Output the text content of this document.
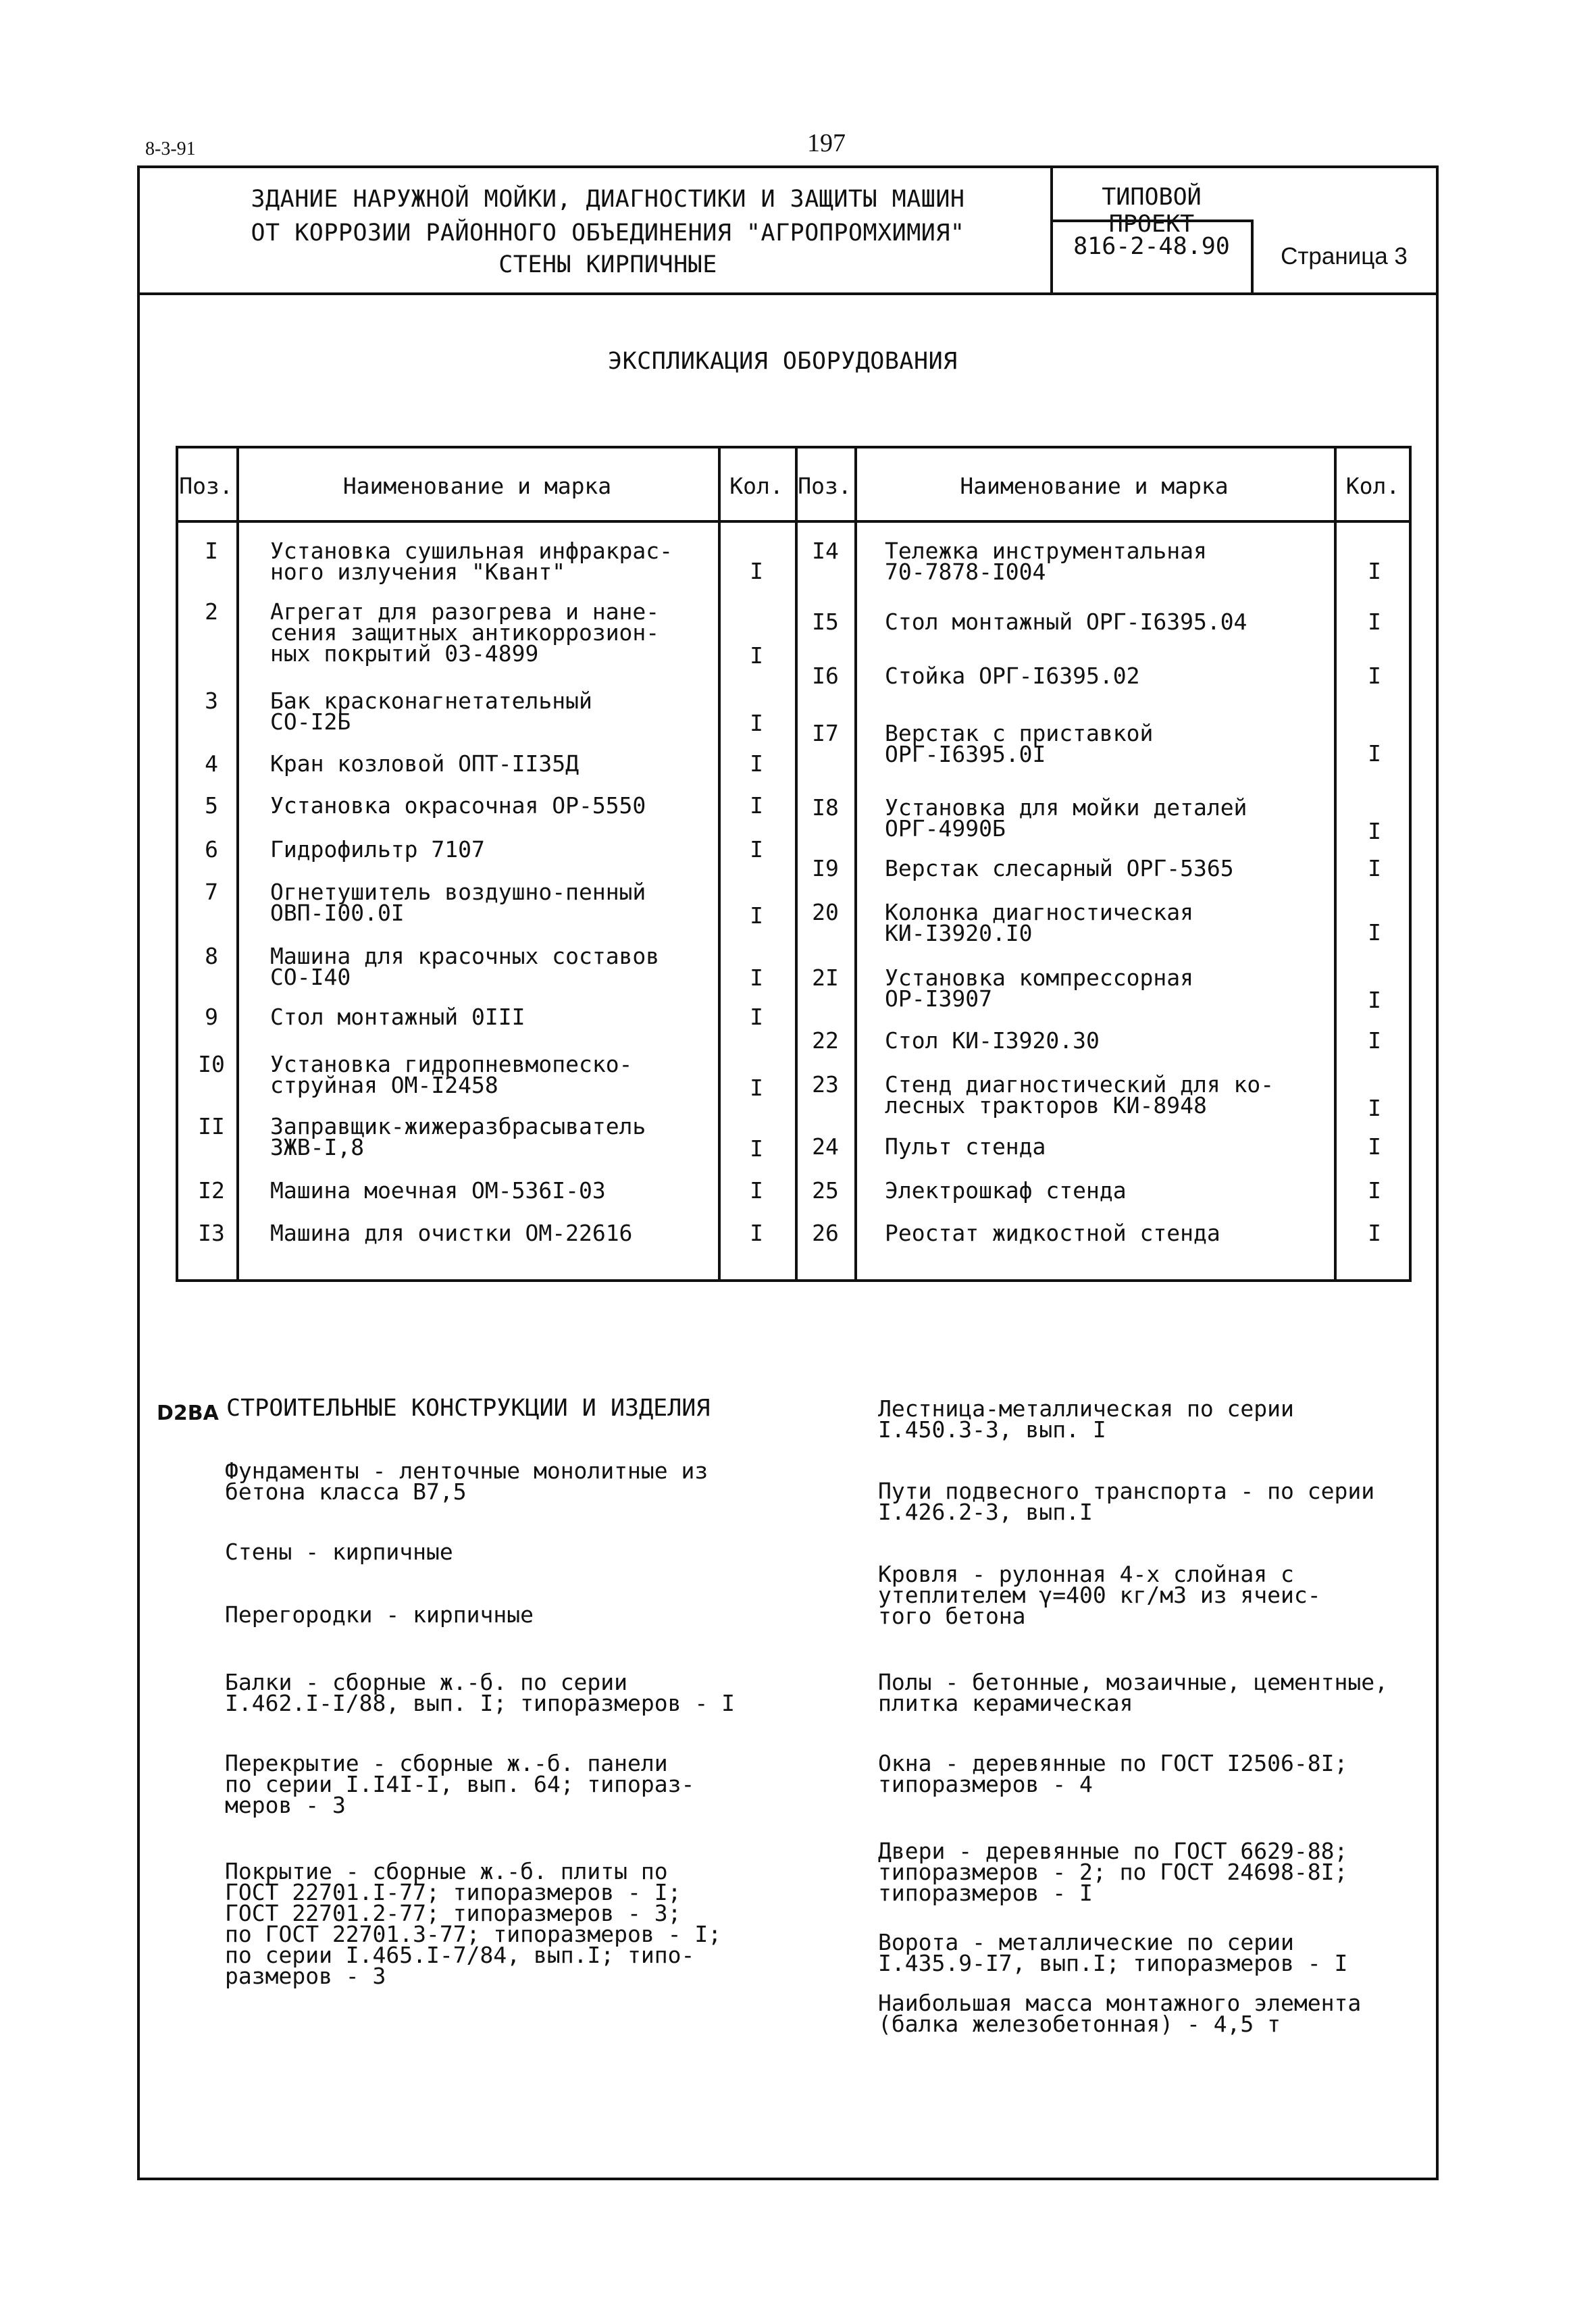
8-3-91	197
ЗДАНИЕ НАРУЖНОЙ МОЙКИ, ДИАГНОСТИКИ И ЗАЩИТЫ МАШИН
ОТ КОРРОЗИИ РАЙОННОГО ОБЪЕДИНЕНИЯ "АГРОПРОМХИМИЯ"
СТЕНЫ КИРПИЧНЫЕ
ТИПОВОЙ ПРОЕКТ
816-2-48.90	Страница 3
ЭКСПЛИКАЦИЯ ОБОРУДОВАНИЯ
Поз.	Наименование и марка	Кол. Поз.	Наименование и марка	Кол.
I	Установка сушильная инфракрас-
ного излучения "Квант"	I
2	Агрегат для разогрева и нане-
сения защитных антикоррозион-
ных покрытий 03-4899	I
3	Бак красконагнетательный
СО-I2Б	I
4	Кран козловой ОПТ-II35Д	I
5	Установка окрасочная ОР-5550	I
6	Гидрофильтр 7107	I
7	Огнетушитель воздушно-пенный
ОВП-I00.0I	I
8	Машина для красочных составов
СО-I40	I
9	Стол монтажный 0III	I
I0	Установка гидропневмопеско-
струйная ОМ-I2458	I
II	Заправщик-жижеразбрасыватель
ЗЖВ-I,8	I
I2	Машина моечная ОМ-536I-03	I
I3	Машина для очистки ОМ-22616	I
I4	Тележка инструментальная
70-7878-I004	I
I5	Стол монтажный ОРГ-I6395.04	I
I6	Стойка ОРГ-I6395.02	I
I7	Верстак с приставкой
ОРГ-I6395.0I	I
I8	Установка для мойки деталей
ОРГ-4990Б	I
I9	Верстак слесарный ОРГ-5365	I
20	Колонка диагностическая
КИ-I3920.I0	I
2I	Установка компрессорная
ОР-I3907	I
22	Стол КИ-I3920.30	I
23	Стенд диагностический для ко-
лесных тракторов КИ-8948	I
24	Пульт стенда	I
25	Электрошкаф стенда	I
26	Реостат жидкостной стенда	I
D2BA СТРОИТЕЛЬНЫЕ КОНСТРУКЦИИ И ИЗДЕЛИЯ
Фундаменты - ленточные монолитные из
бетона класса В7,5
Стены - кирпичные
Перегородки - кирпичные
Балки - сборные ж.-б. по серии
I.462.I-I/88, вып. I; типоразмеров - I
Перекрытие - сборные ж.-б. панели
по серии I.I4I-I, вып. 64; типораз-
меров - 3
Покрытие - сборные ж.-б. плиты по
ГОСТ 22701.I-77; типоразмеров - I;
ГОСТ 22701.2-77; типоразмеров - 3;
по ГОСТ 22701.3-77; типоразмеров - I;
по серии I.465.I-7/84, вып.I; типо-
размеров - 3
Лестница-металлическая по серии
I.450.3-3, вып. I
Пути подвесного транспорта - по серии
I.426.2-3, вып.I
Кровля - рулонная 4-х слойная с
утеплителем γ=400 кг/м3 из ячеис-
того бетона
Полы - бетонные, мозаичные, цементные,
плитка керамическая
Окна - деревянные по ГОСТ I2506-8I;
типоразмеров - 4
Двери - деревянные по ГОСТ 6629-88;
типоразмеров - 2; по ГОСТ 24698-8I;
типоразмеров - I
Ворота - металлические по серии
I.435.9-I7, вып.I; типоразмеров - I
Наибольшая масса монтажного элемента
(балка железобетонная) - 4,5 т
